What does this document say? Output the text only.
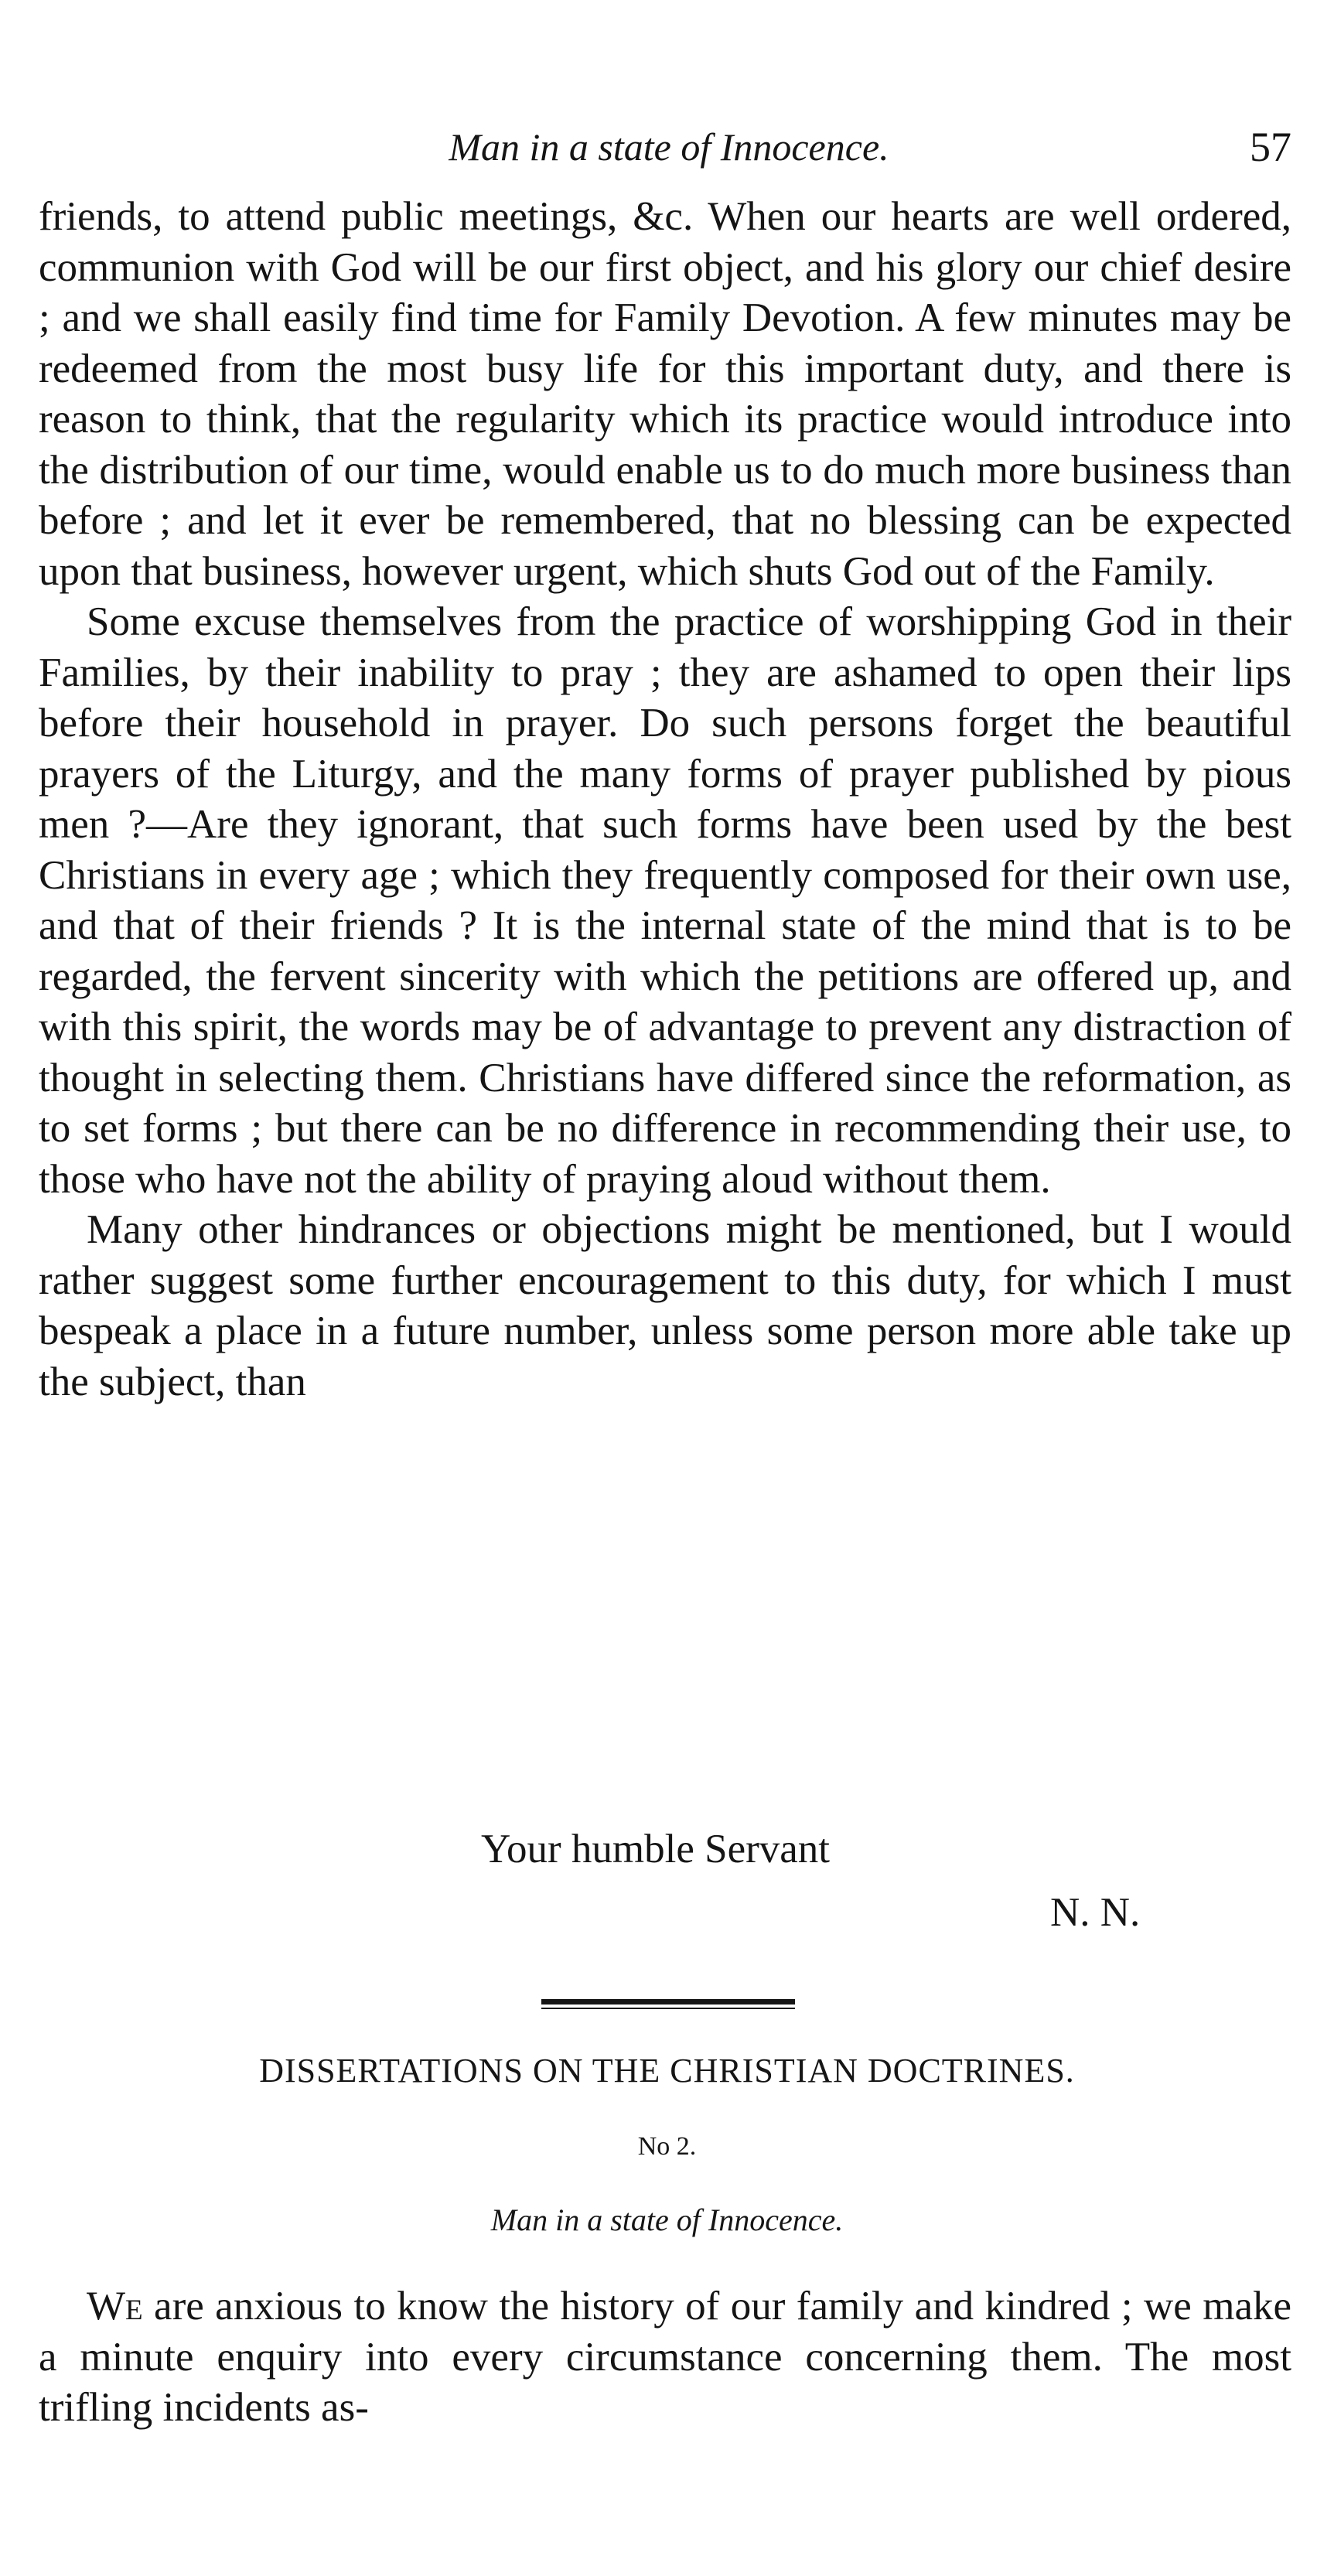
Man in a state of Innocence.	57

friends, to attend public meetings, &c. When our hearts are well ordered, communion with God will be our first object, and his glory our chief desire ; and we shall easily find time for Family Devotion. A few minutes may be redeemed from the most busy life for this important duty, and there is reason to think, that the regularity which its practice would introduce into the distribution of our time, would enable us to do much more business than before ; and let it ever be remembered, that no blessing can be expected upon that business, however urgent, which shuts God out of the Family.

Some excuse themselves from the practice of worshipping God in their Families, by their inability to pray ; they are ashamed to open their lips before their household in prayer. Do such persons forget the beautiful prayers of the Liturgy, and the many forms of prayer published by pious men ?—Are they ignorant, that such forms have been used by the best Christians in every age ; which they frequently composed for their own use, and that of their friends ? It is the internal state of the mind that is to be regarded, the fervent sincerity with which the petitions are offered up, and with this spirit, the words may be of advantage to prevent any distraction of thought in selecting them. Christians have differed since the reformation, as to set forms ; but there can be no difference in recommending their use, to those who have not the ability of praying aloud without them.

Many other hindrances or objections might be mentioned, but I would rather suggest some further encouragement to this duty, for which I must bespeak a place in a future number, unless some person more able take up the subject, than

Your humble Servant
N. N.
DISSERTATIONS ON THE CHRISTIAN DOCTRINES.
No 2.
Man in a state of Innocence.

We are anxious to know the history of our family and kindred ; we make a minute enquiry into every circumstance concerning them. The most trifling incidents as-
